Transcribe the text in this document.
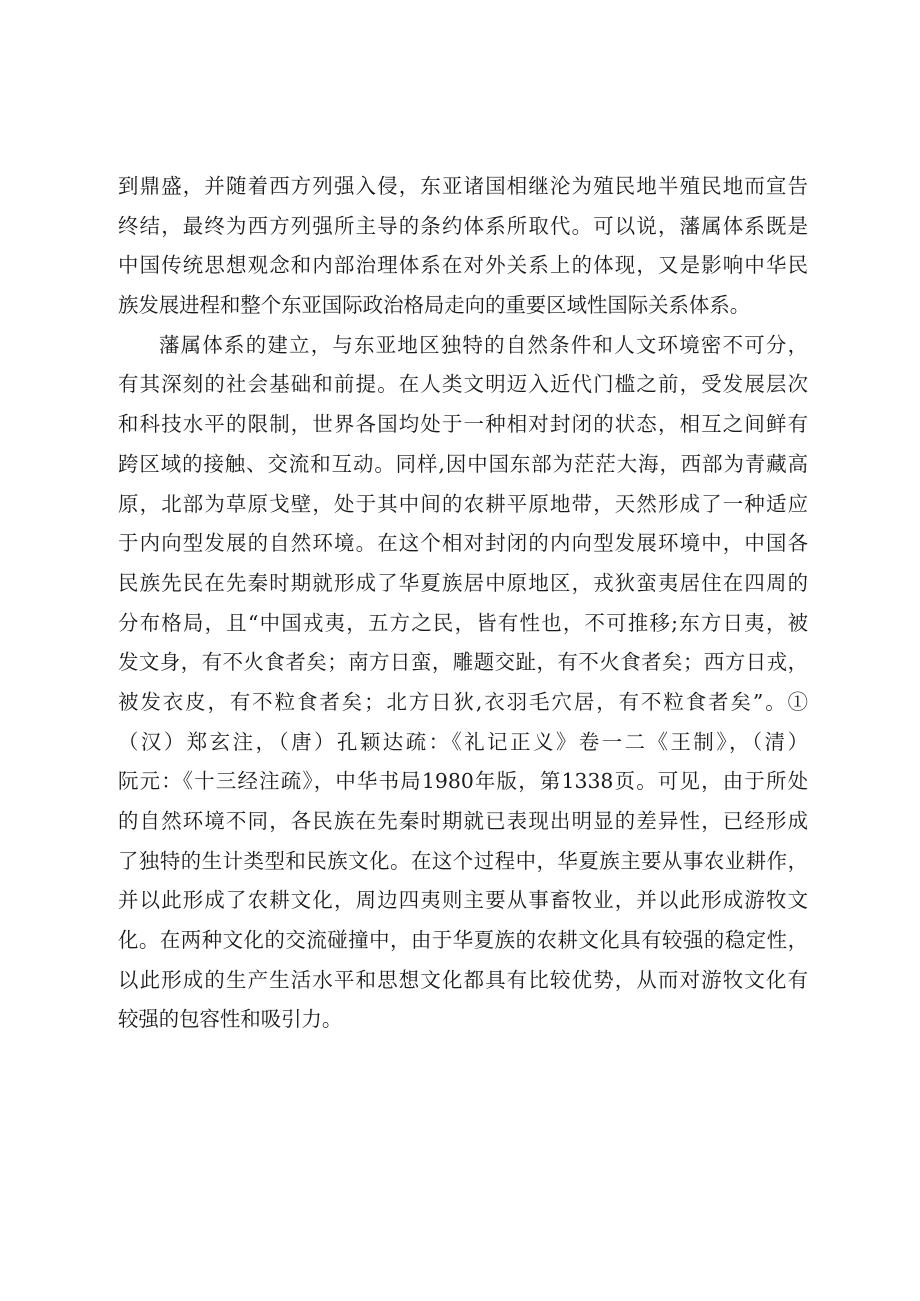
到鼎盛，并随着西方列强入侵，东亚诸国相继沦为殖民地半殖民地而宣告
终结，最终为西方列强所主导的条约体系所取代。可以说，藩属体系既是
中国传统思想观念和内部治理体系在对外关系上的体现，又是影响中华民
族发展进程和整个东亚国际政治格局走向的重要区域性国际关系体系。
藩属体系的建立，与东亚地区独特的自然条件和人文环境密不可分，
有其深刻的社会基础和前提。在人类文明迈入近代门槛之前，受发展层次
和科技水平的限制，世界各国均处于一种相对封闭的状态，相互之间鲜有
跨区域的接触、交流和互动。同样,因中国东部为茫茫大海，西部为青藏高
原，北部为草原戈壁，处于其中间的农耕平原地带，天然形成了一种适应
于内向型发展的自然环境。在这个相对封闭的内向型发展环境中，中国各
民族先民在先秦时期就形成了华夏族居中原地区，戎狄蛮夷居住在四周的
分布格局，且“中国戎夷，五方之民，皆有性也，不可推移;东方日夷，被
发文身，有不火食者矣；南方日蛮，雕题交趾，有不火食者矣；西方日戎，
被发衣皮，有不粒食者矣；北方日狄,衣羽毛穴居，有不粒食者矣”。①
（汉）郑玄注，（唐）孔颖达疏：《礼记正义》卷一二《王制》，（清）
阮元：《十三经注疏》，中华书局1980年版，第1338页。可见，由于所处
的自然环境不同，各民族在先秦时期就已表现出明显的差异性，已经形成
了独特的生计类型和民族文化。在这个过程中，华夏族主要从事农业耕作，
并以此形成了农耕文化，周边四夷则主要从事畜牧业，并以此形成游牧文
化。在两种文化的交流碰撞中，由于华夏族的农耕文化具有较强的稳定性，
以此形成的生产生活水平和思想文化都具有比较优势，从而对游牧文化有
较强的包容性和吸引力。
